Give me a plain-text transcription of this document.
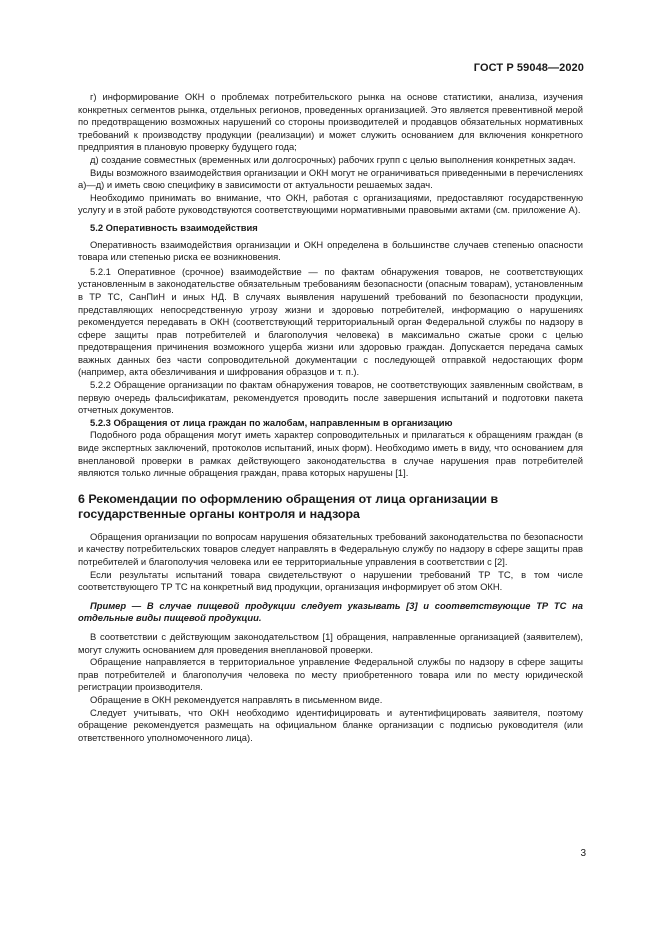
ГОСТ Р 59048—2020

г) информирование ОКН о проблемах потребительского рынка на основе статистики, анализа, изучения конкретных сегментов рынка, отдельных регионов, проведенных организацией. Это является превентивной мерой по предотвращению возможных нарушений со стороны производителей и продавцов обязательных нормативных требований к производству продукции (реализации) и может служить основанием для включения конкретного предприятия в плановую проверку будущего года;

д) создание совместных (временных или долгосрочных) рабочих групп с целью выполнения конкретных задач.

Виды возможного взаимодействия организации и ОКН могут не ограничиваться приведенными в перечислениях а)—д) и иметь свою специфику в зависимости от актуальности решаемых задач.

Необходимо принимать во внимание, что ОКН, работая с организациями, предоставляют государственную услугу и в этой работе руководствуются соответствующими нормативными правовыми актами (см. приложение А).

5.2 Оперативность взаимодействия

Оперативность взаимодействия организации и ОКН определена в большинстве случаев степенью опасности товара или степенью риска ее возникновения.

5.2.1 Оперативное (срочное) взаимодействие — по фактам обнаружения товаров, не соответствующих установленным в законодательстве обязательным требованиям безопасности (опасным товарам), установленным в ТР ТС, СанПиН и иных НД. В случаях выявления нарушений требований по безопасности продукции, представляющих непосредственную угрозу жизни и здоровью потребителей, информацию о нарушениях рекомендуется передавать в ОКН (соответствующий территориальный орган Федеральной службы по надзору в сфере защиты прав потребителей и благополучия человека) в максимально сжатые сроки с целью предотвращения причинения возможного ущерба жизни или здоровью граждан. Допускается передача самых важных данных без части сопроводительной документации с последующей отправкой недостающих форм (например, акта обезличивания и шифрования образцов и т. п.).

5.2.2 Обращение организации по фактам обнаружения товаров, не соответствующих заявленным свойствам, в первую очередь фальсификатам, рекомендуется проводить после завершения испытаний и подготовки пакета отчетных документов.

5.2.3 Обращения от лица граждан по жалобам, направленным в организацию

Подобного рода обращения могут иметь характер сопроводительных и прилагаться к обращениям граждан (в виде экспертных заключений, протоколов испытаний, иных форм). Необходимо иметь в виду, что основанием для внеплановой проверки в рамках действующего законодательства в случае нарушения прав потребителей являются только личные обращения граждан, права которых нарушены [1].

6 Рекомендации по оформлению обращения от лица организации в государственные органы контроля и надзора

Обращения организации по вопросам нарушения обязательных требований законодательства по безопасности и качеству потребительских товаров следует направлять в Федеральную службу по надзору в сфере защиты прав потребителей и благополучия человека или ее территориальные управления в соответствии с [2].

Если результаты испытаний товара свидетельствуют о нарушении требований ТР ТС, в том числе соответствующего ТР ТС на конкретный вид продукции, организация информирует об этом ОКН.

Пример — В случае пищевой продукции следует указывать [3] и соответствующие ТР ТС на отдельные виды пищевой продукции.

В соответствии с действующим законодательством [1] обращения, направленные организацией (заявителем), могут служить основанием для проведения внеплановой проверки.

Обращение направляется в территориальное управление Федеральной службы по надзору в сфере защиты прав потребителей и благополучия человека по месту приобретенного товара или по месту юридической регистрации производителя.

Обращение в ОКН рекомендуется направлять в письменном виде.

Следует учитывать, что ОКН необходимо идентифицировать и аутентифицировать заявителя, поэтому обращение рекомендуется размещать на официальном бланке организации с подписью руководителя (или ответственного уполномоченного лица).

3
